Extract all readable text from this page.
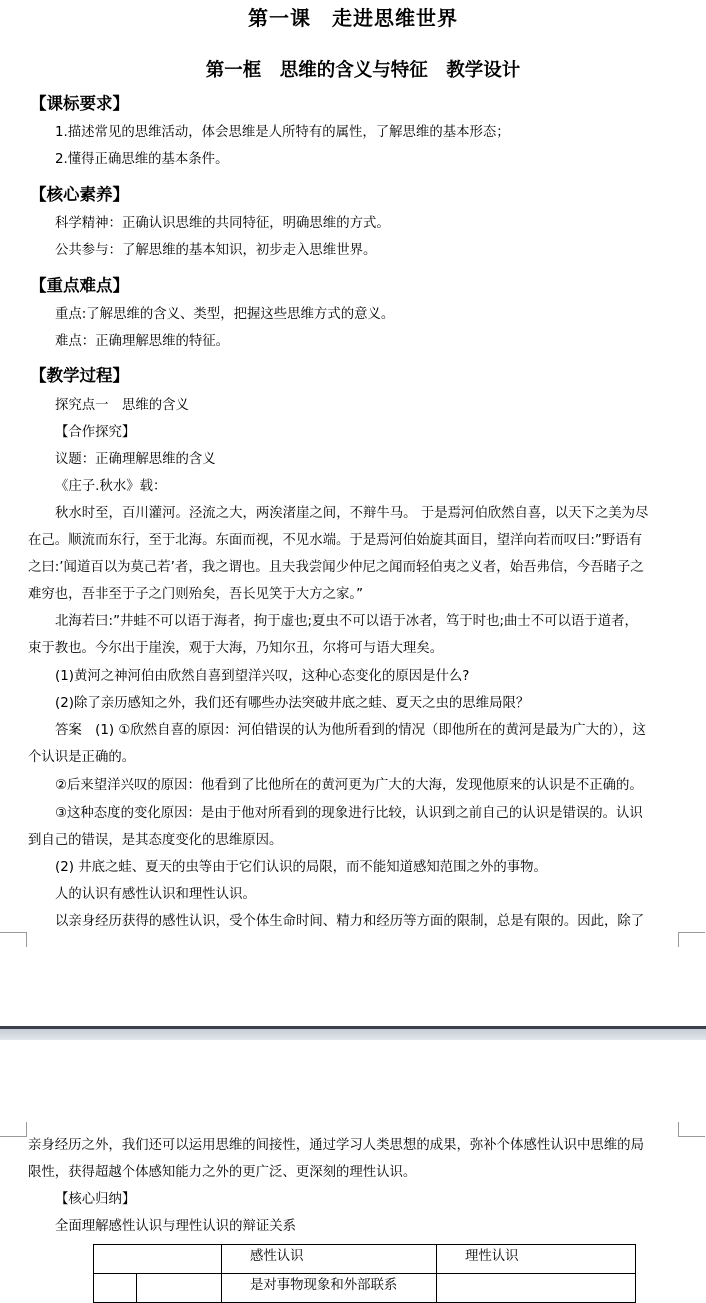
第一课　走进思维世界
第一框　思维的含义与特征　教学设计
【课标要求】
1.描述常见的思维活动，体会思维是人所特有的属性，了解思维的基本形态；
2.懂得正确思维的基本条件。
【核心素养】
科学精神：正确认识思维的共同特征，明确思维的方式。
公共参与：了解思维的基本知识，初步走入思维世界。
【重点难点】
重点:了解思维的含义、类型，把握这些思维方式的意义。
难点：正确理解思维的特征。
【教学过程】
探究点一　思维的含义
【合作探究】
议题：正确理解思维的含义
《庄子.秋水》载：
秋水时至，百川灌河。泾流之大，两涘渚崖之间，不辩牛马。 于是焉河伯欣然自喜，以天下之美为尽
在己。顺流而东行，至于北海。东面而视，不见水端。于是焉河伯始旋其面目，望洋向若而叹曰:”野语有
之曰:’闻道百以为莫己若’者，我之谓也。且夫我尝闻少仲尼之闻而轻伯夷之义者，始吾弗信，今吾睹子之
难穷也，吾非至于子之门则殆矣，吾长见笑于大方之家。”
北海若曰:”井蛙不可以语于海者，拘于虚也;夏虫不可以语于冰者，笃于时也;曲士不可以语于道者，
束于教也。今尔出于崖涘，观于大海，乃知尔丑，尔将可与语大理矣。
(1)黄河之神河伯由欣然自喜到望洋兴叹，这种心态变化的原因是什么?
(2)除了亲历感知之外，我们还有哪些办法突破井底之蛙、夏天之虫的思维局限？
答案　(1) ①欣然自喜的原因：河伯错误的认为他所看到的情况（即他所在的黄河是最为广大的），这
个认识是正确的。
②后来望洋兴叹的原因：他看到了比他所在的黄河更为广大的大海，发现他原来的认识是不正确的。
③这种态度的变化原因：是由于他对所看到的现象进行比较，认识到之前自己的认识是错误的。认识
到自己的错误，是其态度变化的思维原因。
(2) 井底之蛙、夏天的虫等由于它们认识的局限，而不能知道感知范围之外的事物。
人的认识有感性认识和理性认识。
以亲身经历获得的感性认识，受个体生命时间、精力和经历等方面的限制，总是有限的。因此，除了
亲身经历之外，我们还可以运用思维的间接性，通过学习人类思想的成果，弥补个体感性认识中思维的局
限性，获得超越个体感知能力之外的更广泛、更深刻的理性认识。
【核心归纳】
全面理解感性认识与理性认识的辩证关系
		感性认识	理性认识
		是对事物现象和外部联系	
